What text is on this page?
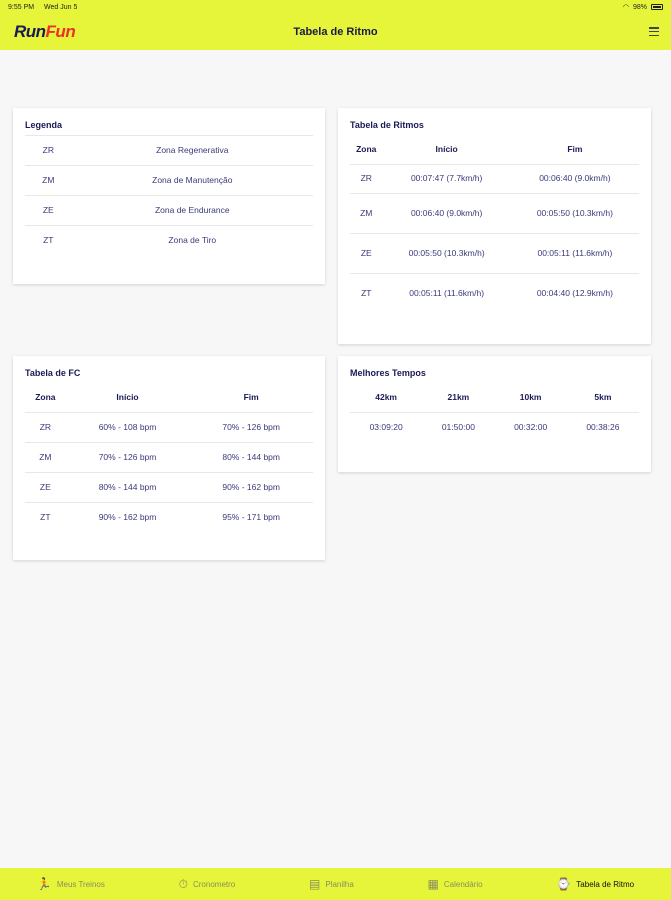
9:55 PM Wed Jun 5	◠ 98%
RunFun	Tabela de Ritmo
Legenda
ZR	Zona Regenerativa
ZM	Zona de Manutenção
ZE	Zona de Endurance
ZT	Zona de Tiro
Tabela de Ritmos
Zona	Início	Fim
ZR	00:07:47 (7.7km/h)	00:06:40 (9.0km/h)
ZM	00:06:40 (9.0km/h)	00:05:50 (10.3km/h)
ZE	00:05:50 (10.3km/h)	00:05:11 (11.6km/h)
ZT	00:05:11 (11.6km/h)	00:04:40 (12.9km/h)
Tabela de FC
Zona	Início	Fim
ZR	60% - 108 bpm	70% - 126 bpm
ZM	70% - 126 bpm	80% - 144 bpm
ZE	80% - 144 bpm	90% - 162 bpm
ZT	90% - 162 bpm	95% - 171 bpm
Melhores Tempos
42km	21km	10km	5km
03:09:20	01:50:00	00:32:00	00:38:26
🏃 Meus Treinos	⏱ Cronometro	▤ Planilha	▦ Calendário	⌚ Tabela de Ritmo
